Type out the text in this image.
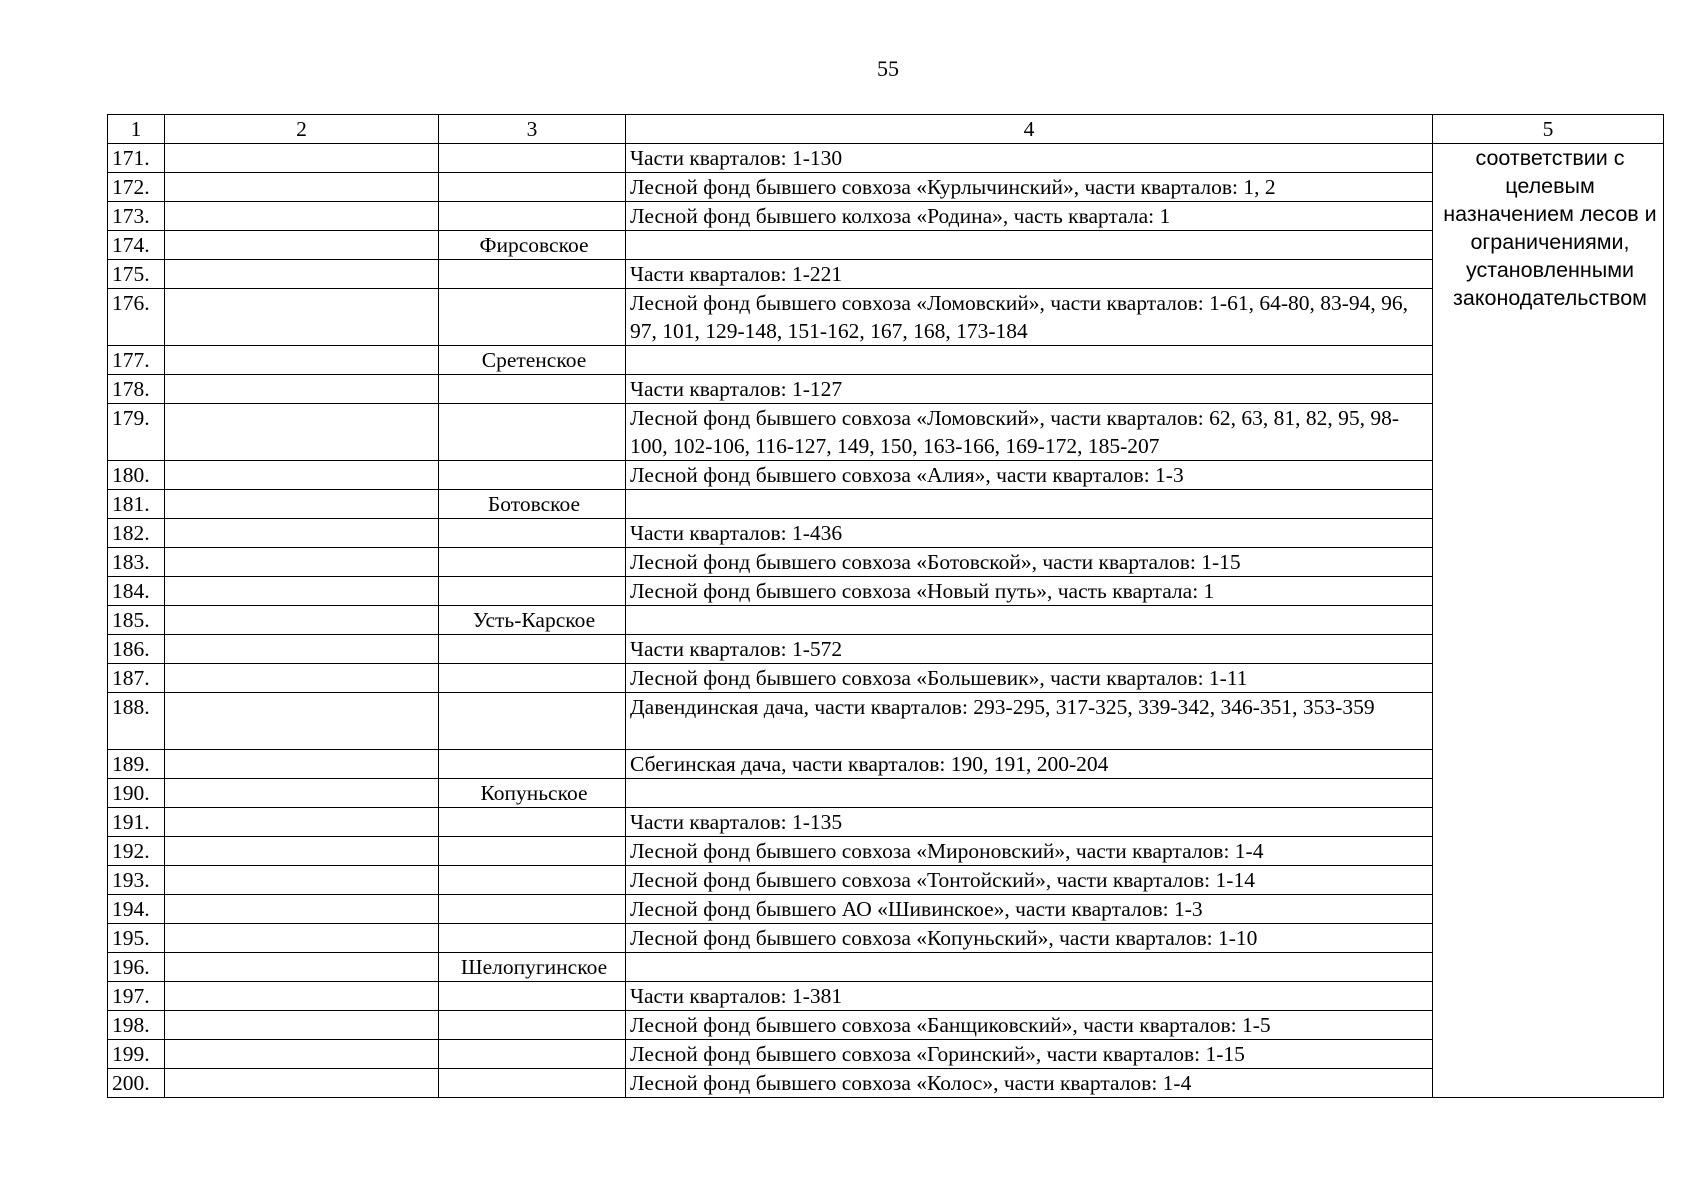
55
1	2	3	4	5
171.			Части кварталов: 1-130	соответствии с целевым назначением лесов и ограничениями, установленными законодательством
172.			Лесной фонд бывшего совхоза «Курлычинский», части кварталов: 1, 2	
173.			Лесной фонд бывшего колхоза «Родина», часть квартала: 1	
174.		Фирсовское		
175.			Части кварталов: 1-221	
176.			Лесной фонд бывшего совхоза «Ломовский», части кварталов: 1-61, 64-80, 83-94, 96, 97, 101, 129-148, 151-162, 167, 168, 173-184	
177.		Сретенское		
178.			Части кварталов: 1-127	
179.			Лесной фонд бывшего совхоза «Ломовский», части кварталов: 62, 63, 81, 82, 95, 98-100, 102-106, 116-127, 149, 150, 163-166, 169-172, 185-207	
180.			Лесной фонд бывшего совхоза «Алия», части кварталов: 1-3	
181.		Ботовское		
182.			Части кварталов: 1-436	
183.			Лесной фонд бывшего совхоза «Ботовской», части кварталов: 1-15	
184.			Лесной фонд бывшего совхоза «Новый путь», часть квартала: 1	
185.		Усть-Карское		
186.			Части кварталов: 1-572	
187.			Лесной фонд бывшего совхоза «Большевик», части кварталов: 1-11	
188.			Давендинская дача, части кварталов: 293-295, 317-325, 339-342, 346-351, 353-359	
189.			Сбегинская дача, части кварталов: 190, 191, 200-204	
190.		Копуньское		
191.			Части кварталов: 1-135	
192.			Лесной фонд бывшего совхоза «Мироновский», части кварталов: 1-4	
193.			Лесной фонд бывшего совхоза «Тонтойский», части кварталов: 1-14	
194.			Лесной фонд бывшего АО «Шивинское», части кварталов: 1-3	
195.			Лесной фонд бывшего совхоза «Копуньский», части кварталов: 1-10	
196.		Шелопугинское		
197.			Части кварталов: 1-381	
198.			Лесной фонд бывшего совхоза «Банщиковский», части кварталов: 1-5	
199.			Лесной фонд бывшего совхоза «Горинский», части кварталов: 1-15	
200.			Лесной фонд бывшего совхоза «Колос», части кварталов: 1-4	
